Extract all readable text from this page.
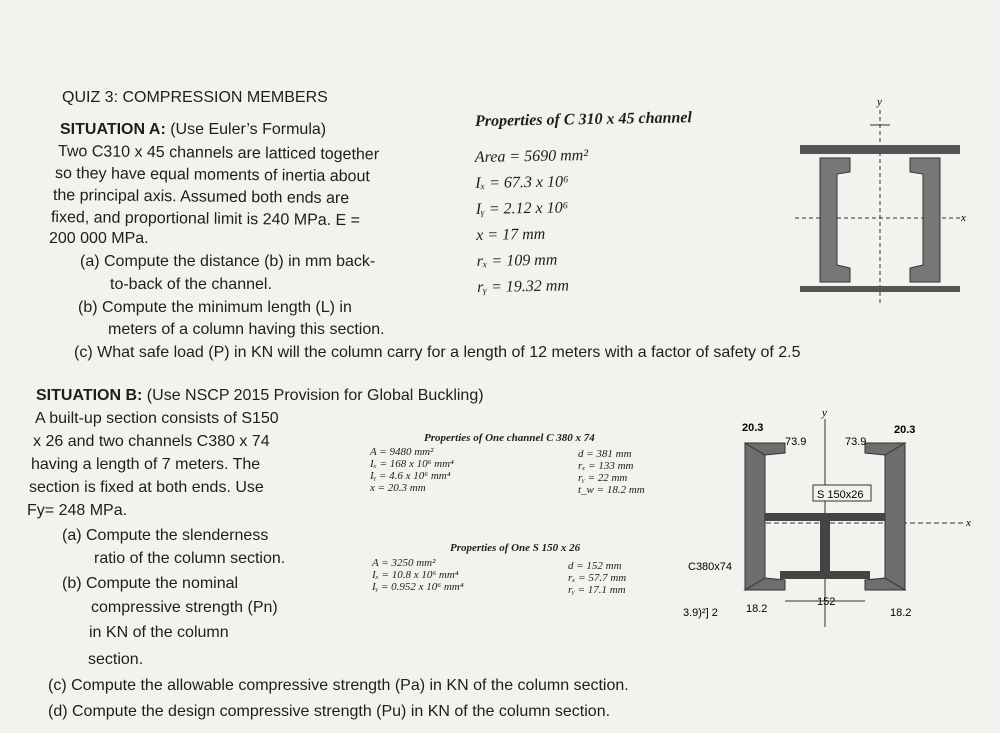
QUIZ 3: COMPRESSION MEMBERS
SITUATION A: (Use Euler’s Formula)
Two C310 x 45 channels are latticed together
so they have equal moments of inertia about
the principal axis. Assumed both ends are
fixed, and proportional limit is 240 MPa. E =
200 000 MPa.
(a) Compute the distance (b) in mm back-
to-back of the channel.
(b) Compute the minimum length (L) in
meters of a column having this section.
(c) What safe load (P) in KN will the column carry for a length of 12 meters with a factor of safety of 2.5
Properties of C 310 x 45 channel
Area = 5690 mm²
Iₓ = 67.3 x 10⁶
Iᵧ = 2.12 x 10⁶
x = 17 mm
rₓ = 109 mm
rᵧ = 19.32 mm
y
x
SITUATION B: (Use NSCP 2015 Provision for Global Buckling)
A built-up section consists of S150
x 26 and two channels C380 x 74
having a length of 7 meters. The
section is fixed at both ends. Use
Fy= 248 MPa.
(a) Compute the slenderness
ratio of the column section.
(b) Compute the nominal
compressive strength (Pn)
in KN of the column
section.
(c) Compute the allowable compressive strength (Pa) in KN of the column section.
(d) Compute the design compressive strength (Pu) in KN of the column section.
Properties of One channel C 380 x 74
A = 9480 mm²
Iₓ = 168 x 10⁶ mm⁴
Iᵧ = 4.6 x 10⁶ mm⁴
x = 20.3 mm
d = 381 mm
rₓ = 133 mm
rᵧ = 22 mm
t_w = 18.2 mm
Properties of One S 150 x 26
A = 3250 mm²
Iₓ = 10.8 x 10⁶ mm⁴
Iᵧ = 0.952 x 10⁶ mm⁴
d = 152 mm
rₓ = 57.7 mm
rᵧ = 17.1 mm
y
x
20.3	20.3
73.9	73.9
S 150x26
C380x74
3.9)²] 2	18.2
152
18.2
